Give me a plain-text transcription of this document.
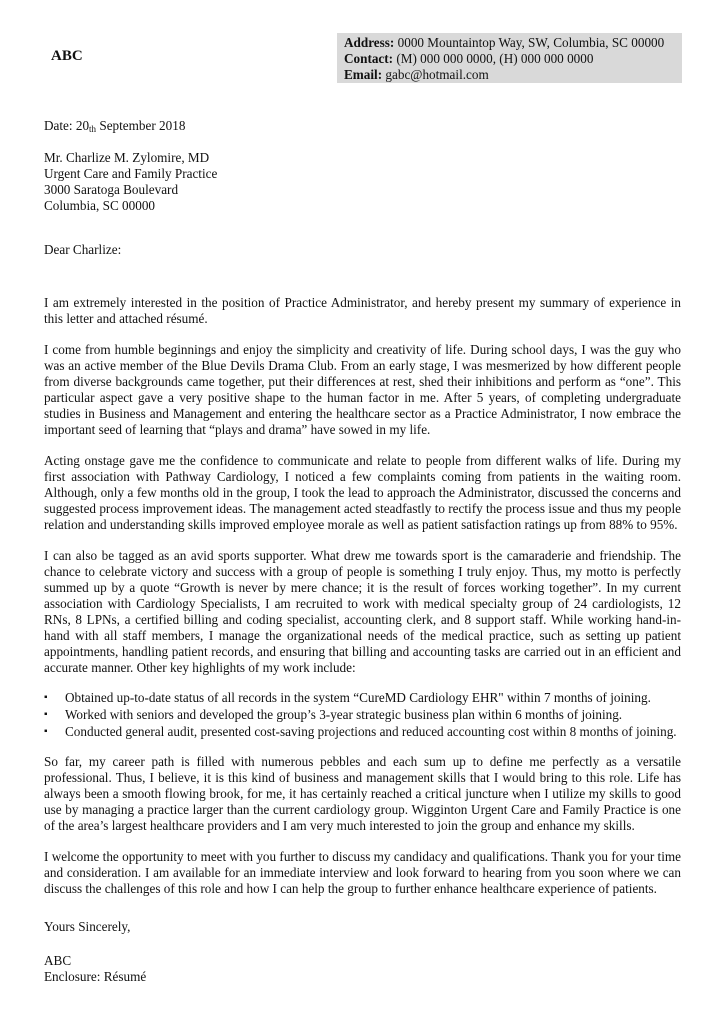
ABC
Address: 0000 Mountaintop Way, SW, Columbia, SC 00000
Contact: (M) 000 000 0000, (H) 000 000 0000
Email: gabc@hotmail.com

Date: $20_{th}$ September 2018

Mr. Charlize M. Zylomire, MD
Urgent Care and Family Practice
3000 Saratoga Boulevard
Columbia, SC 00000

Dear Charlize:

I am extremely interested in the position of Practice Administrator, and hereby present my summary of experience in this letter and attached résumé.

I come from humble beginnings and enjoy the simplicity and creativity of life. During school days, I was the guy who was an active member of the Blue Devils Drama Club. From an early stage, I was mesmerized by how different people from diverse backgrounds came together, put their differences at rest, shed their inhibitions and perform as “one”. This particular aspect gave a very positive shape to the human factor in me. After 5 years, of completing undergraduate studies in Business and Management and entering the healthcare sector as a Practice Administrator, I now embrace the important seed of learning that “plays and drama” have sowed in my life.

Acting onstage gave me the confidence to communicate and relate to people from different walks of life. During my first association with Pathway Cardiology, I noticed a few complaints coming from patients in the waiting room. Although, only a few months old in the group, I took the lead to approach the Administrator, discussed the concerns and suggested process improvement ideas. The management acted steadfastly to rectify the process issue and thus my people relation and understanding skills improved employee morale as well as patient satisfaction ratings up from 88% to 95%.

I can also be tagged as an avid sports supporter. What drew me towards sport is the camaraderie and friendship. The chance to celebrate victory and success with a group of people is something I truly enjoy. Thus, my motto is perfectly summed up by a quote “Growth is never by mere chance; it is the result of forces working together”. In my current association with Cardiology Specialists, I am recruited to work with medical specialty group of 24 cardiologists, 12 RNs, 8 LPNs, a certified billing and coding specialist, accounting clerk, and 8 support staff. While working hand-in-hand with all staff members, I manage the organizational needs of the medical practice, such as setting up patient appointments, handling patient records, and ensuring that billing and accounting tasks are carried out in an efficient and accurate manner. Other key highlights of my work include:

▪ Obtained up-to-date status of all records in the system “CureMD Cardiology EHR" within 7 months of joining.
▪ Worked with seniors and developed the group’s 3-year strategic business plan within 6 months of joining.
▪ Conducted general audit, presented cost-saving projections and reduced accounting cost within 8 months of joining.

So far, my career path is filled with numerous pebbles and each sum up to define me perfectly as a versatile professional. Thus, I believe, it is this kind of business and management skills that I would bring to this role. Life has always been a smooth flowing brook, for me, it has certainly reached a critical juncture when I utilize my skills to good use by managing a practice larger than the current cardiology group. Wigginton Urgent Care and Family Practice is one of the area’s largest healthcare providers and I am very much interested to join the group and enhance my skills.

I welcome the opportunity to meet with you further to discuss my candidacy and qualifications. Thank you for your time and consideration. I am available for an immediate interview and look forward to hearing from you soon where we can discuss the challenges of this role and how I can help the group to further enhance healthcare experience of patients.

Yours Sincerely,

ABC
Enclosure: Résumé
